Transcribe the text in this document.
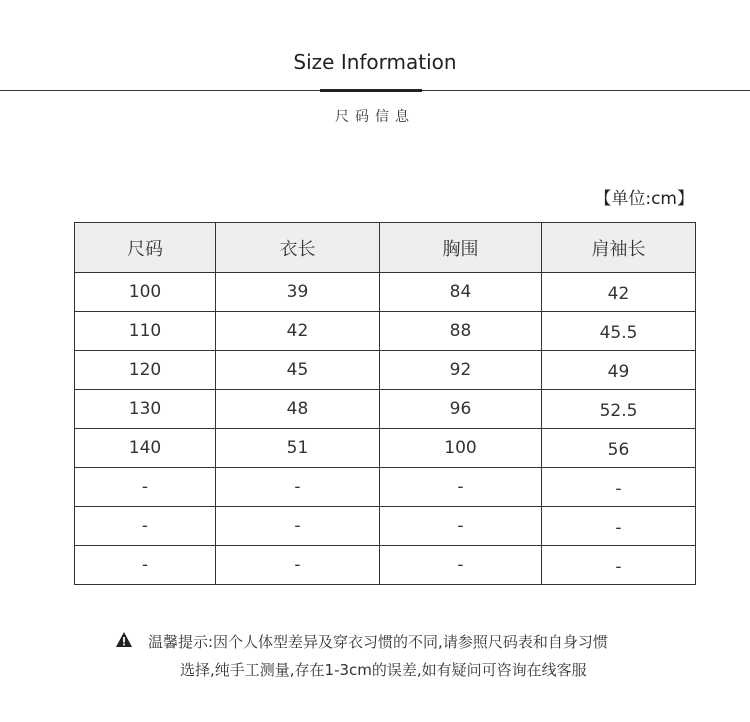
Size Information
尺码信息
【单位:cm】
尺码	衣长	胸围	肩袖长
100	39	84	42
110	42	88	45.5
120	45	92	49
130	48	96	52.5
140	51	100	56
-	-	-	-
-	-	-	-
-	-	-	-
温馨提示:因个人体型差异及穿衣习惯的不同,请参照尺码表和自身习惯
选择,纯手工测量,存在1-3cm的误差,如有疑问可咨询在线客服
